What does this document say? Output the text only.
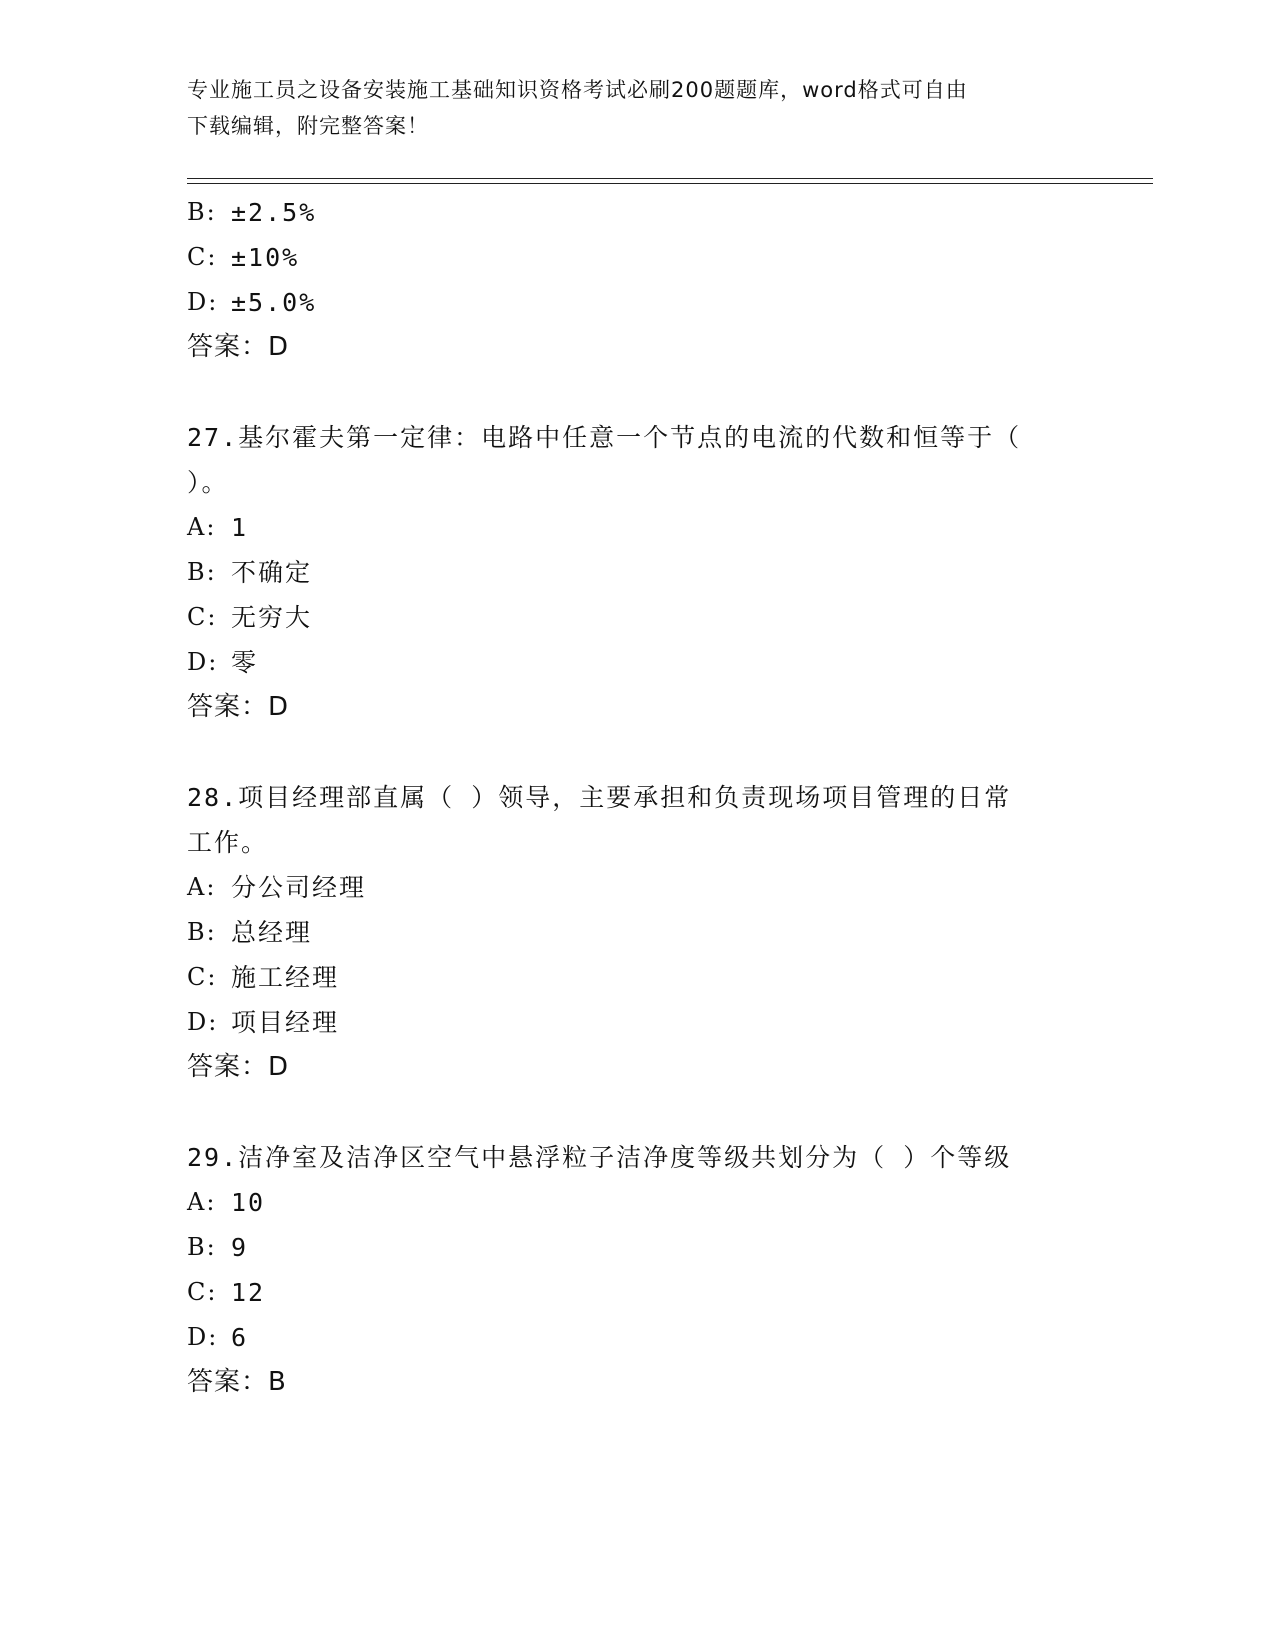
专业施工员之设备安装施工基础知识资格考试必刷200题题库，word格式可自由
下载编辑，附完整答案！
B: ±2.5%
C: ±10%
D: ±5.0%
答案：D
27.基尔霍夫第一定律：电路中任意一个节点的电流的代数和恒等于（
）。
A: 1
B: 不确定
C: 无穷大
D: 零
答案：D
28.项目经理部直属（ ）领导，主要承担和负责现场项目管理的日常
工作。
A: 分公司经理
B: 总经理
C: 施工经理
D: 项目经理
答案：D
29.洁净室及洁净区空气中悬浮粒子洁净度等级共划分为（ ）个等级
A: 10
B: 9
C: 12
D: 6
答案：B
